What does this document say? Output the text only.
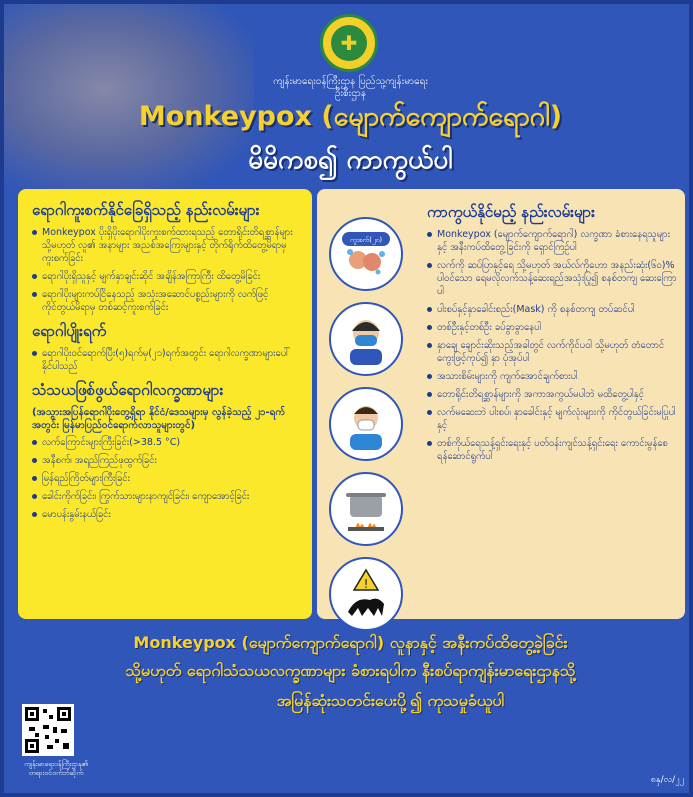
✚
ကျန်းမာရေးဝန်ကြီးဌာန ပြည်သူ့ကျန်းမာရေးဦးစီးဌာန
Monkeypox (မျောက်ကျောက်ရောဂါ)
မိမိကစ၍ ကာကွယ်ပါ
ရောဂါကူးစက်နိုင်ခြေရှိသည့် နည်းလမ်းများ
Monkeypox ပိုးရှိပိုးရောဂါပိုးကူးစက်ထားရသည့် တောရိုင်းတိရစ္ဆာန်များ သို့မဟုတ် လူ၏ အနာများ အညစ်အကြေးများနှင့် တိုက်ရိုက်ထိတွေ့မိရာမှ ကူးစက်ခြင်း
ရောဂါပိုးရှိသူနှင့် မျက်နှာချင်းဆိုင် အချိန်အကြာကြီး ထိတွေ့မိခြင်း
ရောဂါပိုးများကပ်ငြိနေသည့် အသုံးအဆောင်ပစ္စည်းများကို လက်ဖြင့်ကိုင်တွယ်မိရာမှ တစ်ဆင့်ကူးစက်ခြင်း
ရောဂါပျိုးရက်
ရောဂါပိုးဝင်ရောက်ပြီး(၅)ရက်မှ(၂၁)ရက်အတွင်း ရောဂါလက္ခဏာများပေါ်နိုင်ပါသည်
သံသယဖြစ်ဖွယ်ရောဂါလက္ခဏာများ
(အသွားအပြန်ရောဂါပိုးတွေ့ရှိရာ နိုင်ငံ/ဒေသများမှ လွန်ခဲ့သည့် ၂၁-ရက်အတွင်း မြန်မာပြည်ဝင်ရောက်လာသူများတွင်)
လက်ကြောင်းများကြီးခြင်း(>38.5 °C)
အနီစက်၊ အရည်ကြည်ဖုထွက်ခြင်း
မြန်ရည်ကြိတ်များကြီးခြင်း
ခေါင်းကိုက်ခြင်း၊ ကြွက်သားများနာကျင်ခြင်း၊ ကျောအောင့်ခြင်း
မောပန်းနွမ်းနယ်ခြင်း
ကူးစက်(၂၀)
!
ကာကွယ်နိုင်မည့် နည်းလမ်းများ
Monkeypox (မျောက်ကျောက်ရောဂါ) လက္ခဏာ ခံစားနေရသူများနှင့် အနီးကပ်ထိတွေ့ခြင်းကို ရှောင်ကြဉ်ပါ
လက်ကို ဆပ်ပြာနှင့်ရေ သို့မဟုတ် အယ်လ်ကိုဟော အနည်းဆုံး(၆၀)% ပါဝင်သော ရေမလိုလက်သန့်ဆေးရည်အသုံးပြု၍ စနစ်တကျ ဆေးကြောပါ
ပါးစပ်နှင့်နှာခေါင်းစည်း(Mask) ကို စနစ်တကျ တပ်ဆင်ပါ
တစ်ဦးနှင့်တစ်ဦး ခပ်ခွာခွာနေပါ
နှာချေ ချောင်းဆိုးသည့်အခါတွင် လက်ကိုင်ပဝါ သို့မဟုတ် တံတောင်ကွေးဖြင့်ကုပ်၍ နှာ ပုံအုပ်ပါ
အသားစိမ်းများကို ကျက်အောင်ချက်စားပါ
တောရိုင်းတိရစ္ဆာန်များကို အကာအကွယ်မပါဘဲ မထိတွေ့ပါနှင့်
လက်မဆေးဘဲ ပါးစပ်၊ နှာခေါင်းနှင့် မျက်လုံးများကို ကိုင်တွယ်ခြင်းမပြုပါနှင့်
တစ်ကိုယ်ရေသန့်ရှင်းရေးနှင့် ပတ်ဝန်းကျင်သန့်ရှင်းရေး ကောင်းမွန်စေရန်ဆောင်ရွက်ပါ
Monkeypox (မျောက်ကျောက်ရောဂါ) လူနာနှင့် အနီးကပ်ထိတွေ့ခဲ့ခြင်း
သို့မဟုတ် ရောဂါသံသယလက္ခဏာများ ခံစားရပါက နီးစပ်ရာကျန်းမာရေးဌာနသို့
အမြန်ဆုံးသတင်းပေးပို့၍ ကုသမှုခံယူပါ
ကျန်းမာရေးဝန်ကြီးဌာန၏ တရားဝင်ဝက်ဘ်ဆိုက်
၈နှ/လ/၂၂
